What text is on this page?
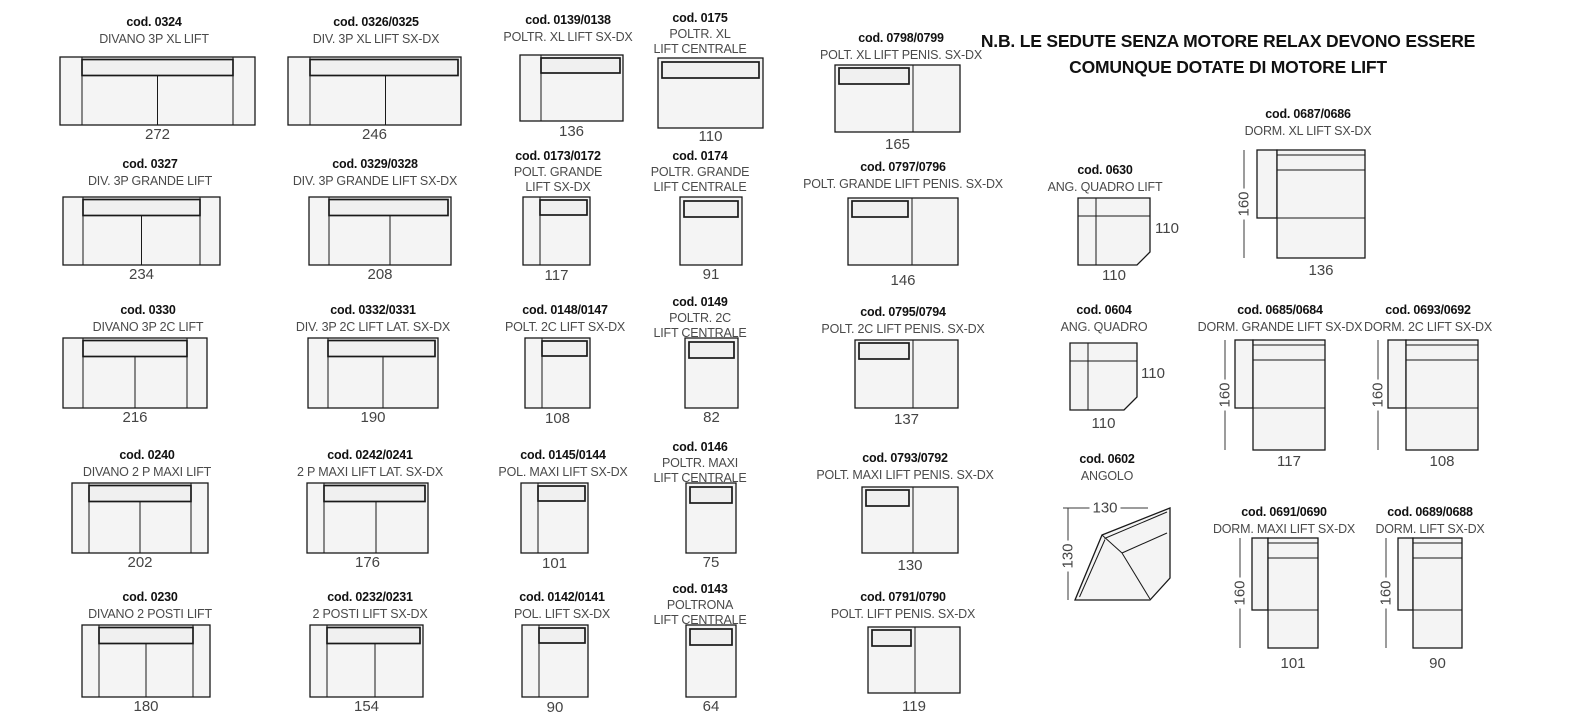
N.B. LE SEDUTE SENZA MOTORE RELAX DEVONO ESSERE
COMUNQUE DOTATE DI MOTORE LIFT
cod. 0324
DIVANO 3P XL LIFT
272
cod. 0326/0325
DIV. 3P XL LIFT SX-DX
246
cod. 0139/0138
POLTR. XL LIFT SX-DX
136
cod. 0175
POLTR. XL
LIFT CENTRALE
110
cod. 0798/0799
POLT. XL LIFT PENIS. SX-DX
165
cod. 0327
DIV. 3P GRANDE LIFT
234
cod. 0329/0328
DIV. 3P GRANDE LIFT SX-DX
208
cod. 0173/0172
POLT. GRANDE
LIFT SX-DX
117
cod. 0174
POLTR. GRANDE
LIFT CENTRALE
91
cod. 0797/0796
POLT. GRANDE LIFT PENIS. SX-DX
146
cod. 0330
DIVANO 3P 2C LIFT
216
cod. 0332/0331
DIV. 3P 2C LIFT LAT. SX-DX
190
cod. 0148/0147
POLT. 2C LIFT SX-DX
108
cod. 0149
POLTR. 2C
LIFT CENTRALE
82
cod. 0795/0794
POLT. 2C LIFT PENIS. SX-DX
137
cod. 0240
DIVANO 2 P MAXI LIFT
202
cod. 0242/0241
2 P MAXI LIFT LAT. SX-DX
176
cod. 0145/0144
POL. MAXI LIFT SX-DX
101
cod. 0146
POLTR. MAXI
LIFT CENTRALE
75
cod. 0793/0792
POLT. MAXI LIFT PENIS. SX-DX
130
cod. 0230
DIVANO 2 POSTI LIFT
180
cod. 0232/0231
2 POSTI LIFT SX-DX
154
cod. 0142/0141
POL. LIFT SX-DX
90
cod. 0143
POLTRONA
LIFT CENTRALE
64
cod. 0791/0790
POLT. LIFT PENIS. SX-DX
119
cod. 0630
ANG. QUADRO LIFT
110
110
cod. 0604
ANG. QUADRO
110
110
cod. 0602
ANGOLO
130
130
cod. 0687/0686
DORM. XL LIFT SX-DX
160
136
cod. 0685/0684
DORM. GRANDE LIFT SX-DX
160
117
cod. 0693/0692
DORM. 2C LIFT SX-DX
160
108
cod. 0691/0690
DORM. MAXI LIFT SX-DX
160
101
cod. 0689/0688
DORM. LIFT SX-DX
160
90
